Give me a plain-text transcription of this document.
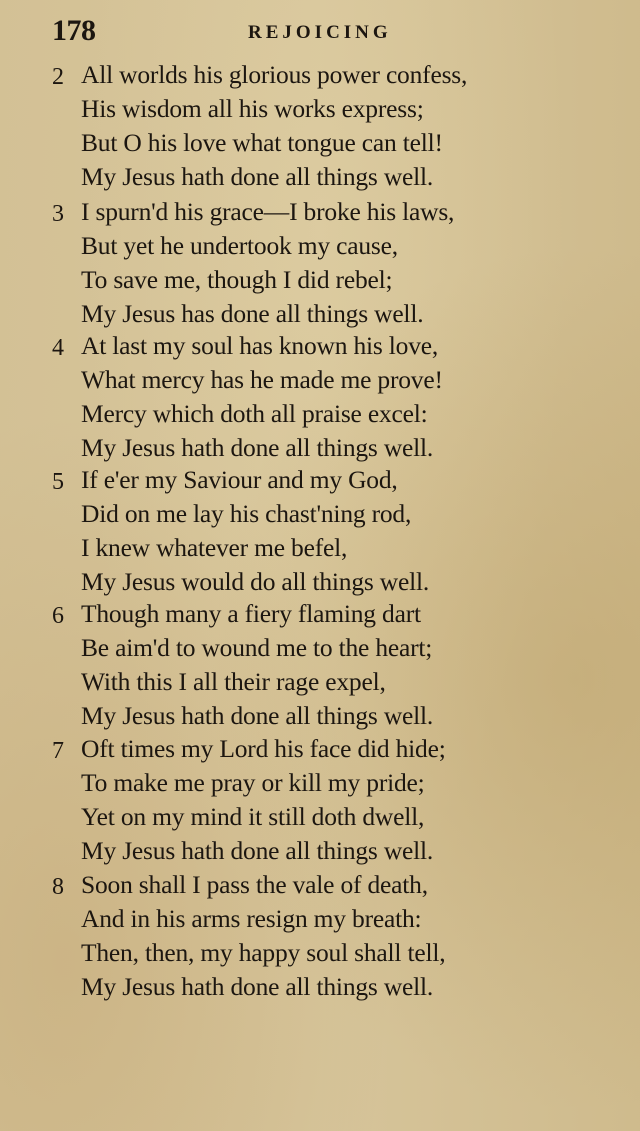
178	REJOICING
2 All worlds his glorious power confess,
His wisdom all his works express;
But O his love what tongue can tell!
My Jesus hath done all things well.
3 I spurn'd his grace—I broke his laws,
But yet he undertook my cause,
To save me, though I did rebel;
My Jesus has done all things well.
4 At last my soul has known his love,
What mercy has he made me prove!
Mercy which doth all praise excel:
My Jesus hath done all things well.
5 If e'er my Saviour and my God,
Did on me lay his chast'ning rod,
I knew whatever me befel,
My Jesus would do all things well.
6 Though many a fiery flaming dart
Be aim'd to wound me to the heart;
With this I all their rage expel,
My Jesus hath done all things well.
7 Oft times my Lord his face did hide;
To make me pray or kill my pride;
Yet on my mind it still doth dwell,
My Jesus hath done all things well.
8 Soon shall I pass the vale of death,
And in his arms resign my breath:
Then, then, my happy soul shall tell,
My Jesus hath done all things well.
